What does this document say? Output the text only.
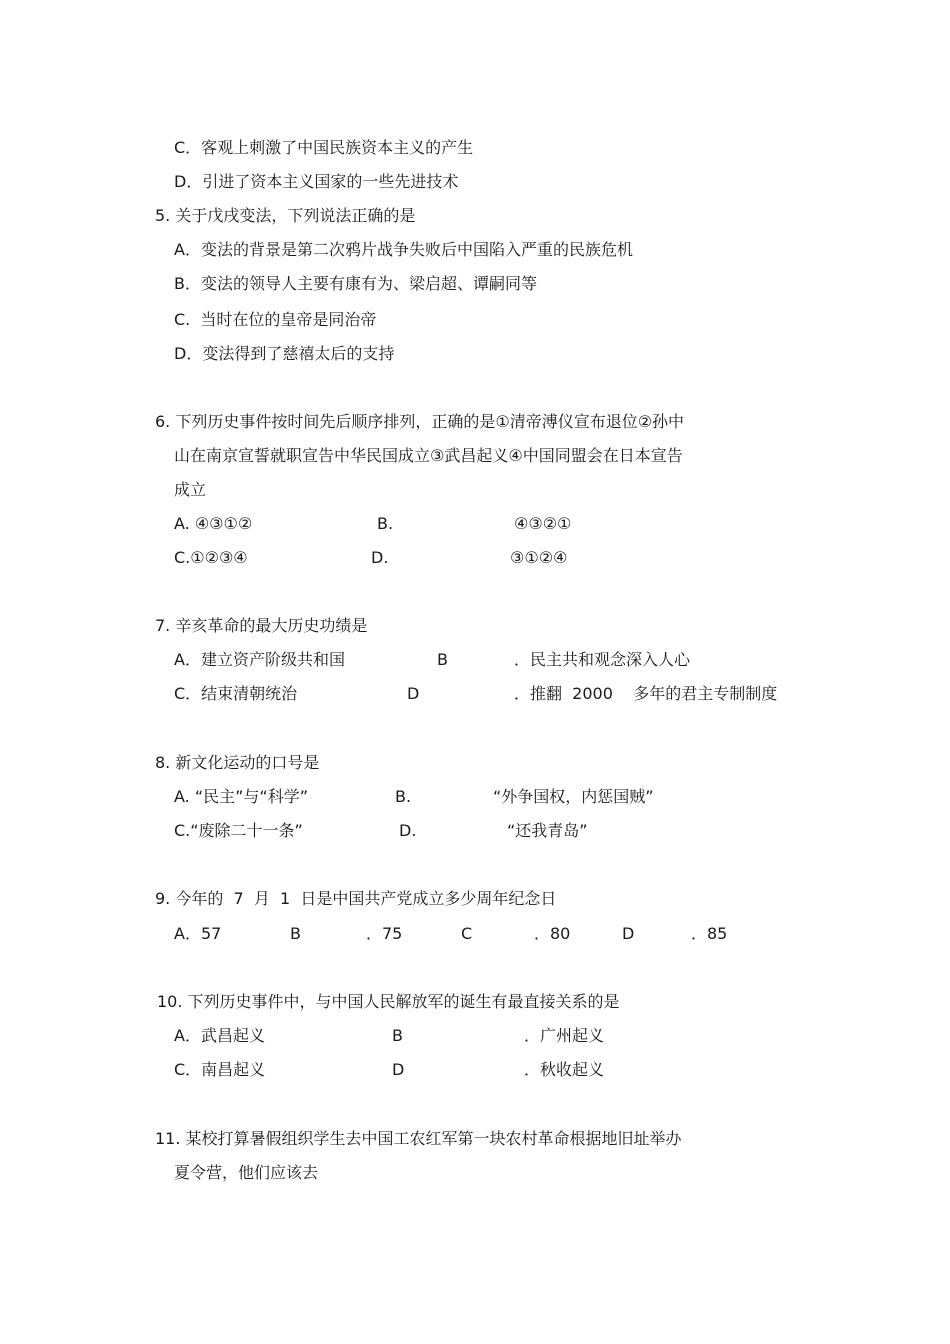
C．客观上刺激了中国民族资本主义的产生
D．引进了资本主义国家的一些先进技术
5. 关于戊戌变法，下列说法正确的是
A．变法的背景是第二次鸦片战争失败后中国陷入严重的民族危机
B．变法的领导人主要有康有为、梁启超、谭嗣同等
C.  当时在位的皇帝是同治帝
D．变法得到了慈禧太后的支持
6. 下列历史事件按时间先后顺序排列，正确的是①清帝溥仪宣布退位②孙中
山在南京宣誓就职宣告中华民国成立③武昌起义④中国同盟会在日本宣告
成立
A. ④③①②	B.	④③②①
C.①②③④	D.	③①②④
7. 辛亥革命的最大历史功绩是
A．建立资产阶级共和国	B	．民主共和观念深入人心
C．结束清朝统治	D	．推翻  2000    多年的君主专制制度
8. 新文化运动的口号是
A. “民主”与“科学”	B.	“外争国权，内惩国贼”
C.“废除二十一条”	D.	“还我青岛”
9. 今年的  7  月  1  日是中国共产党成立多少周年纪念日
A．57	B	．75	C	．80	D	．85
10. 下列历史事件中，与中国人民解放军的诞生有最直接关系的是
A．武昌起义	B	．广州起义
C．南昌起义	D	．秋收起义
11. 某校打算暑假组织学生去中国工农红军第一块农村革命根据地旧址举办
夏令营，他们应该去
